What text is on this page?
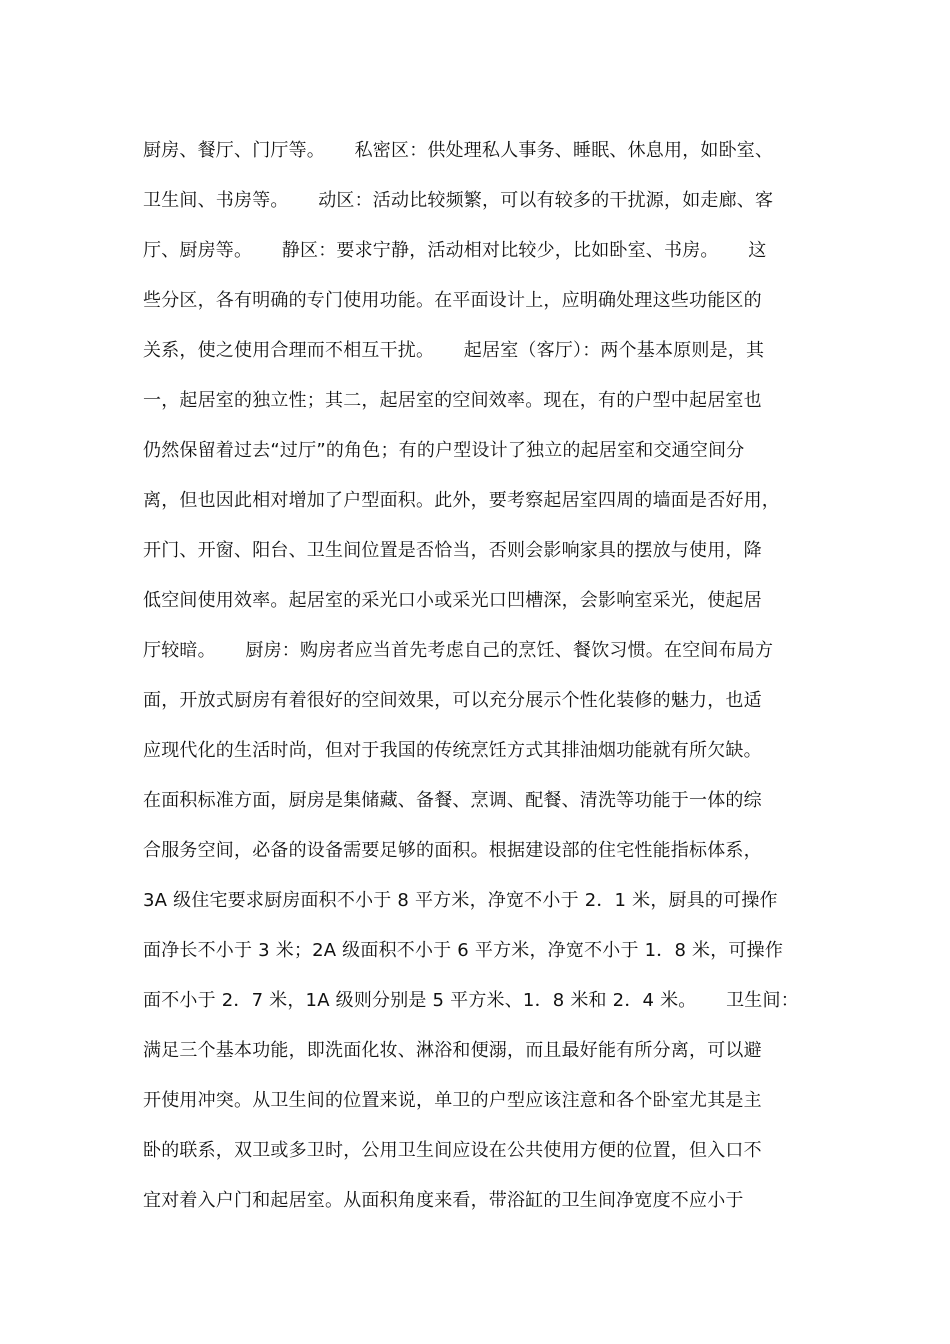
厨房、餐厅、门厅等。     私密区：供处理私人事务、睡眠、休息用，如卧室、
卫生间、书房等。     动区：活动比较频繁，可以有较多的干扰源，如走廊、客
厅、厨房等。     静区：要求宁静，活动相对比较少，比如卧室、书房。     这
些分区，各有明确的专门使用功能。在平面设计上，应明确处理这些功能区的
关系，使之使用合理而不相互干扰。     起居室（客厅）：两个基本原则是，其
一，起居室的独立性；其二，起居室的空间效率。现在，有的户型中起居室也
仍然保留着过去“过厅”的角色；有的户型设计了独立的起居室和交通空间分
离，但也因此相对增加了户型面积。此外，要考察起居室四周的墙面是否好用，
开门、开窗、阳台、卫生间位置是否恰当，否则会影响家具的摆放与使用，降
低空间使用效率。起居室的采光口小或采光口凹槽深，会影响室采光，使起居
厅较暗。     厨房：购房者应当首先考虑自己的烹饪、餐饮习惯。在空间布局方
面，开放式厨房有着很好的空间效果，可以充分展示个性化装修的魅力，也适
应现代化的生活时尚，但对于我国的传统烹饪方式其排油烟功能就有所欠缺。
在面积标准方面，厨房是集储藏、备餐、烹调、配餐、清洗等功能于一体的综
合服务空间，必备的设备需要足够的面积。根据建设部的住宅性能指标体系，
3A 级住宅要求厨房面积不小于 8 平方米，净宽不小于 2．1 米，厨具的可操作
面净长不小于 3 米；2A 级面积不小于 6 平方米，净宽不小于 1．8 米，可操作
面不小于 2．7 米，1A 级则分别是 5 平方米、1．8 米和 2．4 米。     卫生间：
满足三个基本功能，即洗面化妆、淋浴和便溺，而且最好能有所分离，可以避
开使用冲突。从卫生间的位置来说，单卫的户型应该注意和各个卧室尤其是主
卧的联系，双卫或多卫时，公用卫生间应设在公共使用方便的位置，但入口不
宜对着入户门和起居室。从面积角度来看，带浴缸的卫生间净宽度不应小于
